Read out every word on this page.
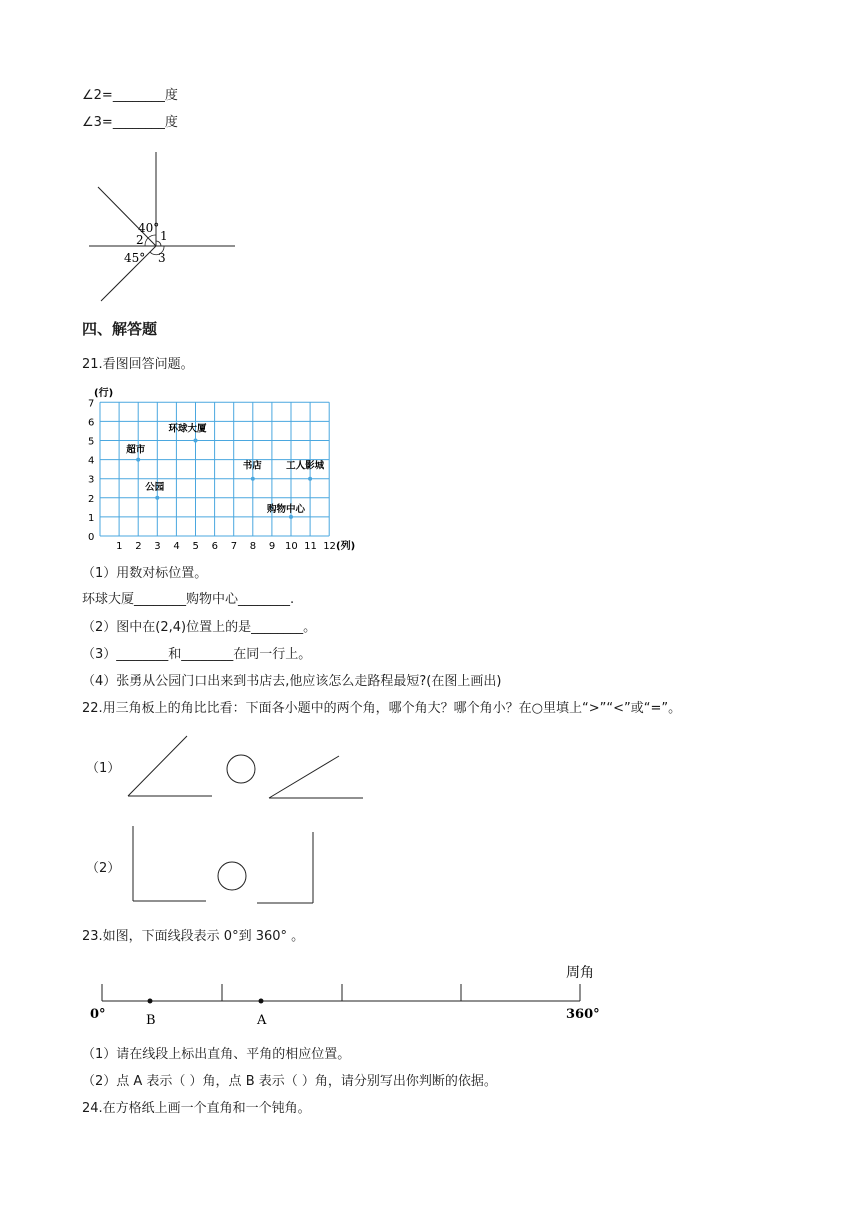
∠2=________度
∠3=________度
40°
2 1
45° 3
四、解答题
21.看图回答问题。
0
1
2
3
4
5
6
7
1 2 3 4 5 6 7 8 9 10 11 12
超市
环球大厦
公园
书店	工人影城
购物中心
(行)
(列)
（1）用数对标位置。
环球大厦________购物中心________.
（2）图中在(2,4)位置上的是________。
（3）________和________在同一行上。
（4）张勇从公园门口出来到书店去,他应该怎么走路程最短?(在图上画出)
22.用三角板上的角比比看：下面各小题中的两个角，哪个角大？哪个角小？在○里填上“>”“<”或“=”。
（1）
（2）
23.如图，下面线段表示 0°到 360° 。
周角
0°	360°
B	A
（1）请在线段上标出直角、平角的相应位置。
（2）点 A 表示（ ）角，点 B 表示（ ）角，请分别写出你判断的依据。
24.在方格纸上画一个直角和一个钝角。
